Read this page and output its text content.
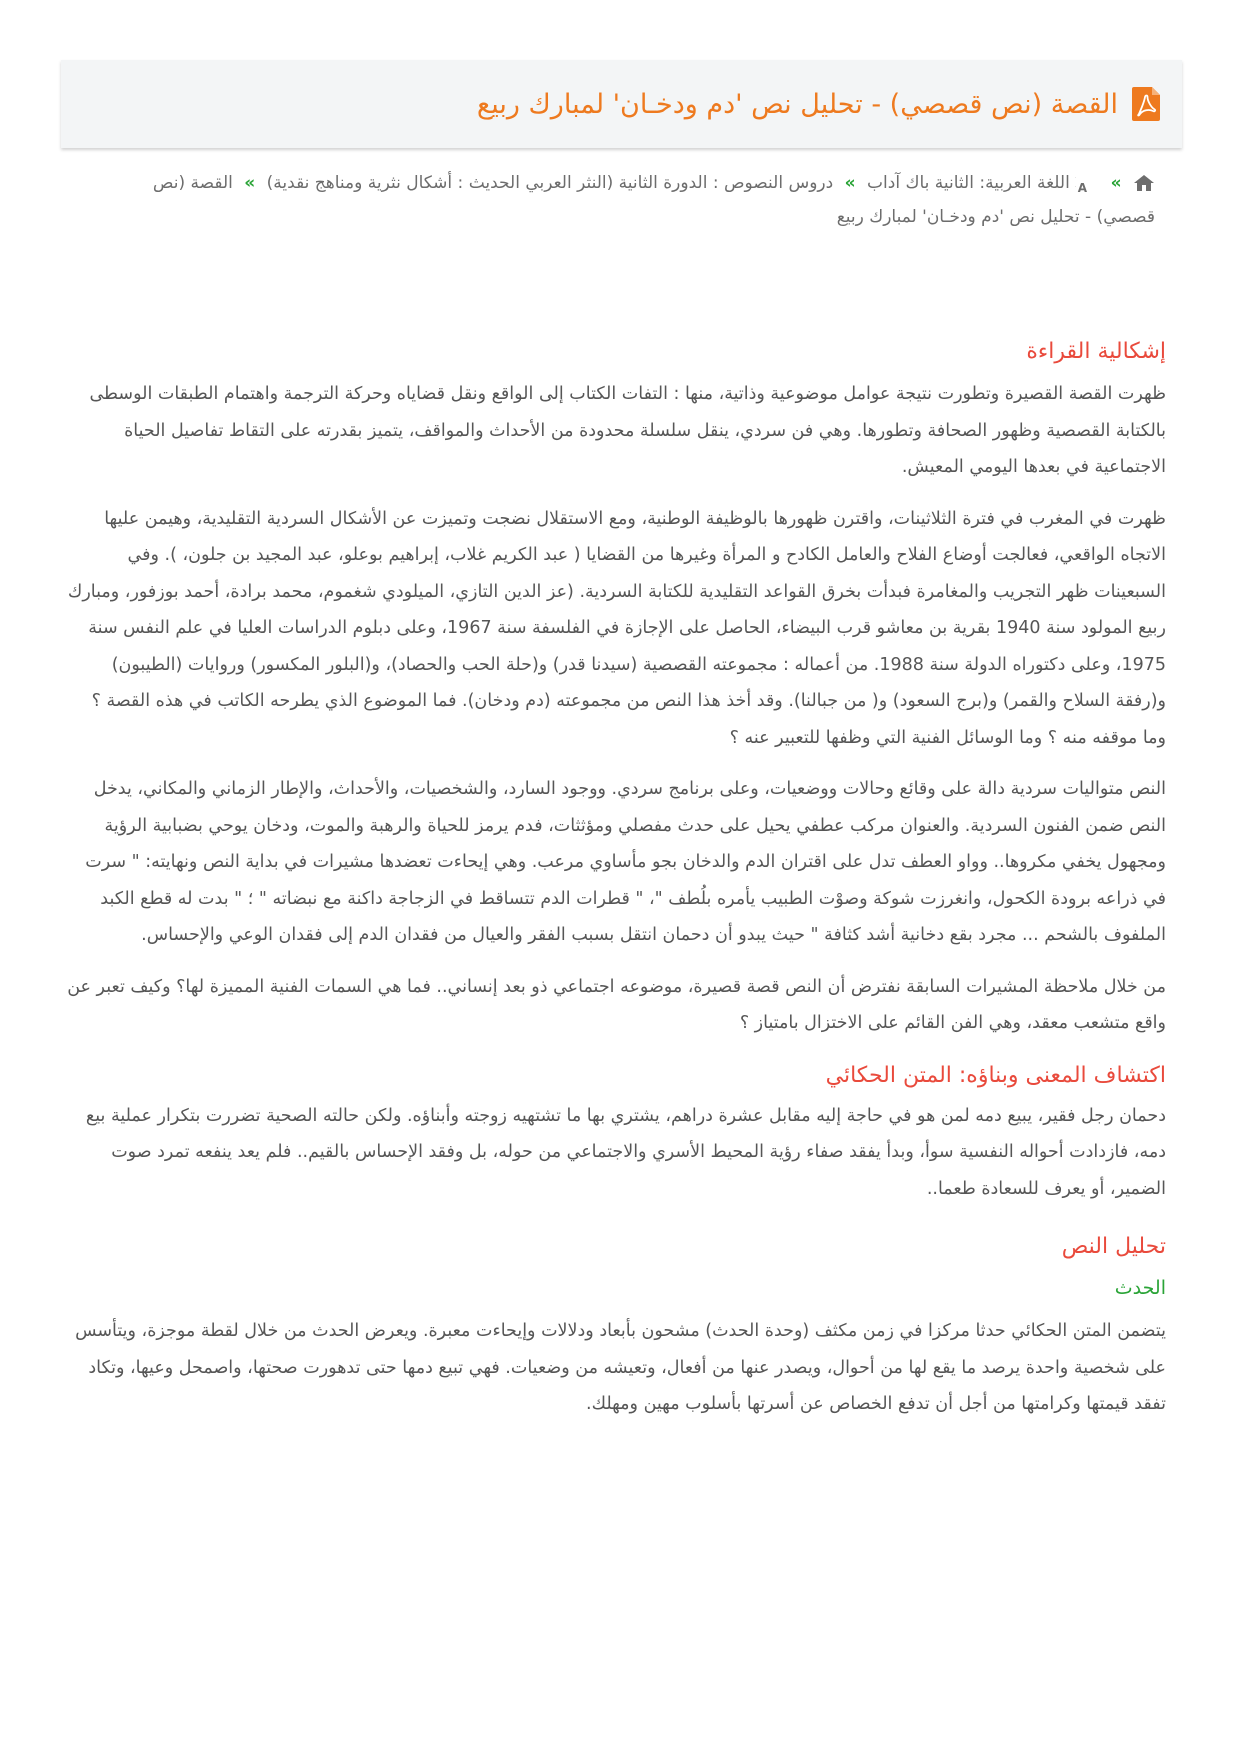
القصة (نص قصصي) - تحليل نص 'دم ودخـان' لمبارك ربيع
»
A
اللغة العربية: الثانية باك آداب » دروس النصوص : الدورة الثانية (النثر العربي الحديث : أشكال نثرية ومناهج نقدية) » القصة (نص قصصي) - تحليل نص 'دم ودخـان' لمبارك ربيع
إشكالية القراءة

ظهرت القصة القصيرة وتطورت نتيجة عوامل موضوعية وذاتية، منها : التفات الكتاب إلى الواقع ونقل قضاياه وحركة الترجمة واهتمام الطبقات الوسطى بالكتابة القصصية وظهور الصحافة وتطورها. وهي فن سردي، ينقل سلسلة محدودة من الأحداث والمواقف، يتميز بقدرته على التقاط تفاصيل الحياة الاجتماعية في بعدها اليومي المعيش.

ظهرت في المغرب في فترة الثلاثينات، واقترن ظهورها بالوظيفة الوطنية، ومع الاستقلال نضجت وتميزت عن الأشكال السردية التقليدية، وهيمن عليها الاتجاه الواقعي، فعالجت أوضاع الفلاح والعامل الكادح و المرأة وغيرها من القضايا ( عبد الكريم غلاب، إبراهيم بوعلو، عبد المجيد بن جلون، ). وفي السبعينات ظهر التجريب والمغامرة فبدأت بخرق القواعد التقليدية للكتابة السردية. (عز الدين التازي، الميلودي شغموم، محمد برادة، أحمد بوزفور، ومبارك ربيع المولود سنة 1940 بقرية بن معاشو قرب البيضاء، الحاصل على الإجازة في الفلسفة سنة 1967، وعلى دبلوم الدراسات العليا في علم النفس سنة 1975، وعلى دكتوراه الدولة سنة 1988. من أعماله : مجموعته القصصية (سيدنا قدر) و(حلة الحب والحصاد)، و(البلور المكسور) وروايات (الطيبون) و(رفقة السلاح والقمر) و(برج السعود) و( من جبالنا). وقد أخذ هذا النص من مجموعته (دم ودخان). فما الموضوع الذي يطرحه الكاتب في هذه القصة ؟ وما موقفه منه ؟ وما الوسائل الفنية التي وظفها للتعبير عنه ؟

النص متواليات سردية دالة على وقائع وحالات ووضعيات، وعلى برنامج سردي. ووجود السارد، والشخصيات، والأحداث، والإطار الزماني والمكاني، يدخل النص ضمن الفنون السردية. والعنوان مركب عطفي يحيل على حدث مفصلي ومؤثثات، فدم يرمز للحياة والرهبة والموت، ودخان يوحي بضبابية الرؤية ومجهول يخفي مكروها.. وواو العطف تدل على اقتران الدم والدخان بجو مأساوي مرعب. وهي إيحاءت تعضدها مشيرات في بداية النص ونهايته: " سرت في ذراعه برودة الكحول، وانغرزت شوكة وصوْت الطبيب يأمره بلُطف "، " قطرات الدم تتساقط في الزجاجة داكنة مع نبضاته " ؛ " بدت له قطع الكبد الملفوف بالشحم ... مجرد بقع دخانية أشد كثافة " حيث يبدو أن دحمان انتقل بسبب الفقر والعيال من فقدان الدم إلى فقدان الوعي والإحساس.

من خلال ملاحظة المشيرات السابقة نفترض أن النص قصة قصيرة، موضوعه اجتماعي ذو بعد إنساني.. فما هي السمات الفنية المميزة لها؟ وكيف تعبر عن واقع متشعب معقد، وهي الفن القائم على الاختزال بامتياز ؟

اكتشاف المعنى وبناؤه: المتن الحكائي

دحمان رجل فقير، يبيع دمه لمن هو في حاجة إليه مقابل عشرة دراهم، يشتري بها ما تشتهيه زوجته وأبناؤه. ولكن حالته الصحية تضررت بتكرار عملية بيع دمه، فازدادت أحواله النفسية سوأ، وبدأ يفقد صفاء رؤية المحيط الأسري والاجتماعي من حوله، بل وفقد الإحساس بالقيم.. فلم يعد ينفعه تمرد صوت الضمير، أو يعرف للسعادة طعما..

تحليل النص
الحدث

يتضمن المتن الحكائي حدثا مركزا في زمن مكثف (وحدة الحدث) مشحون بأبعاد ودلالات وإيحاءت معبرة. ويعرض الحدث من خلال لقطة موجزة، ويتأسس على شخصية واحدة يرصد ما يقع لها من أحوال، ويصدر عنها من أفعال، وتعيشه من وضعيات. فهي تبيع دمها حتى تدهورت صحتها، واصمحل وعيها، وتكاد تفقد قيمتها وكرامتها من أجل أن تدفع الخصاص عن أسرتها بأسلوب مهين ومهلك.
